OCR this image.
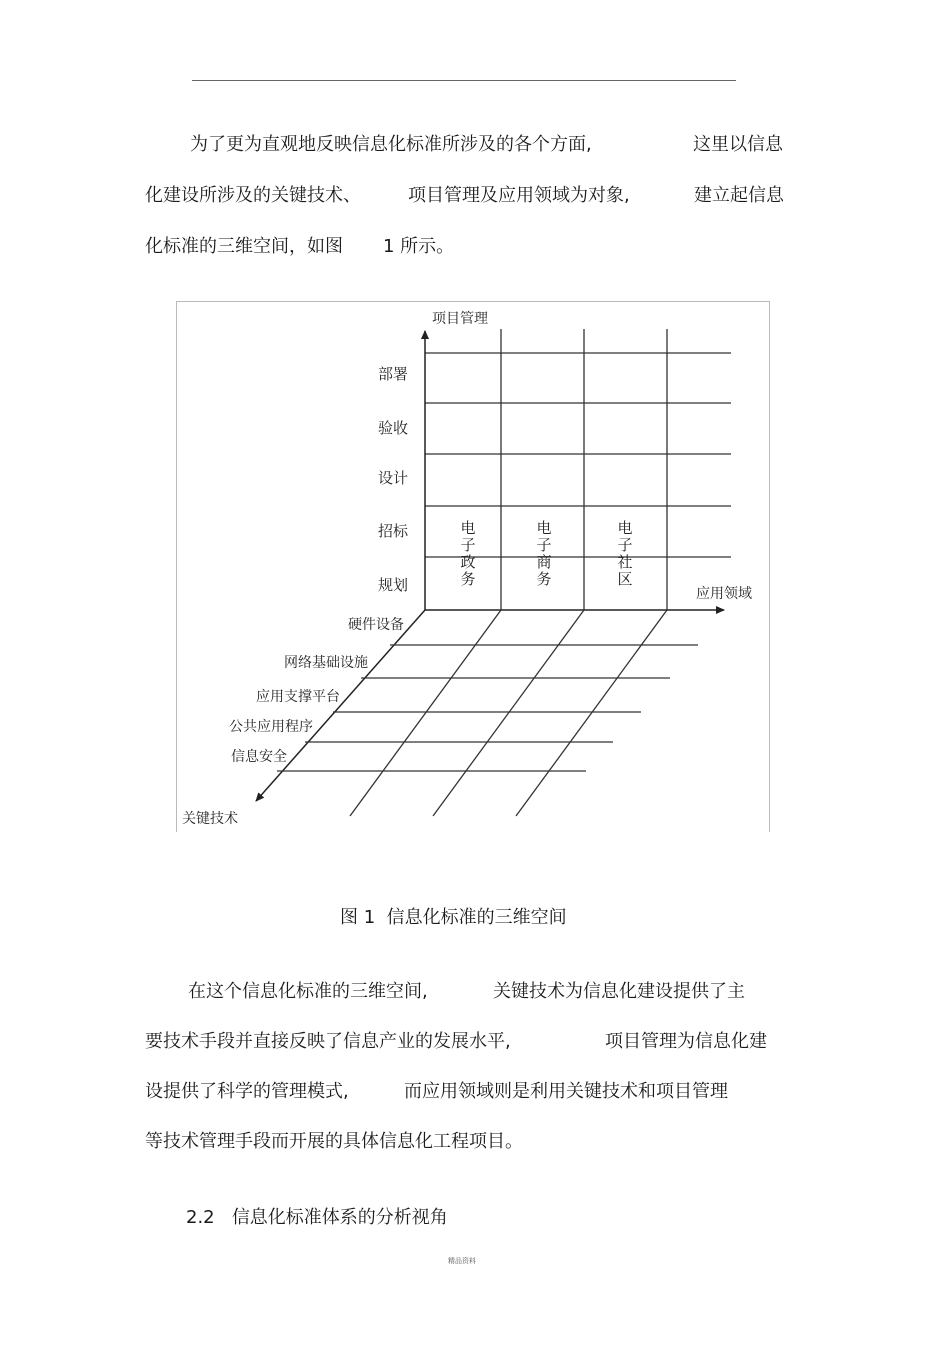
为了更为直观地反映信息化标准所涉及的各个方面,	这里以信息
化建设所涉及的关键技术、	项目管理及应用领域为对象,	建立起信息
化标准的三维空间，如图 1 所示。
项目管理
应用领域
关键技术
部署
验收
设计
招标
规划
电子政务
电子商务
电子社区
硬件设备
网络基础设施
应用支撑平台
公共应用程序
信息安全
图 1 信息化标准的三维空间
在这个信息化标准的三维空间,	关键技术为信息化建设提供了主
要技术手段并直接反映了信息产业的发展水平,	项目管理为信息化建
设提供了科学的管理模式,	而应用领域则是利用关键技术和项目管理
等技术管理手段而开展的具体信息化工程项目。
2.2 信息化标准体系的分析视角
精品资料
